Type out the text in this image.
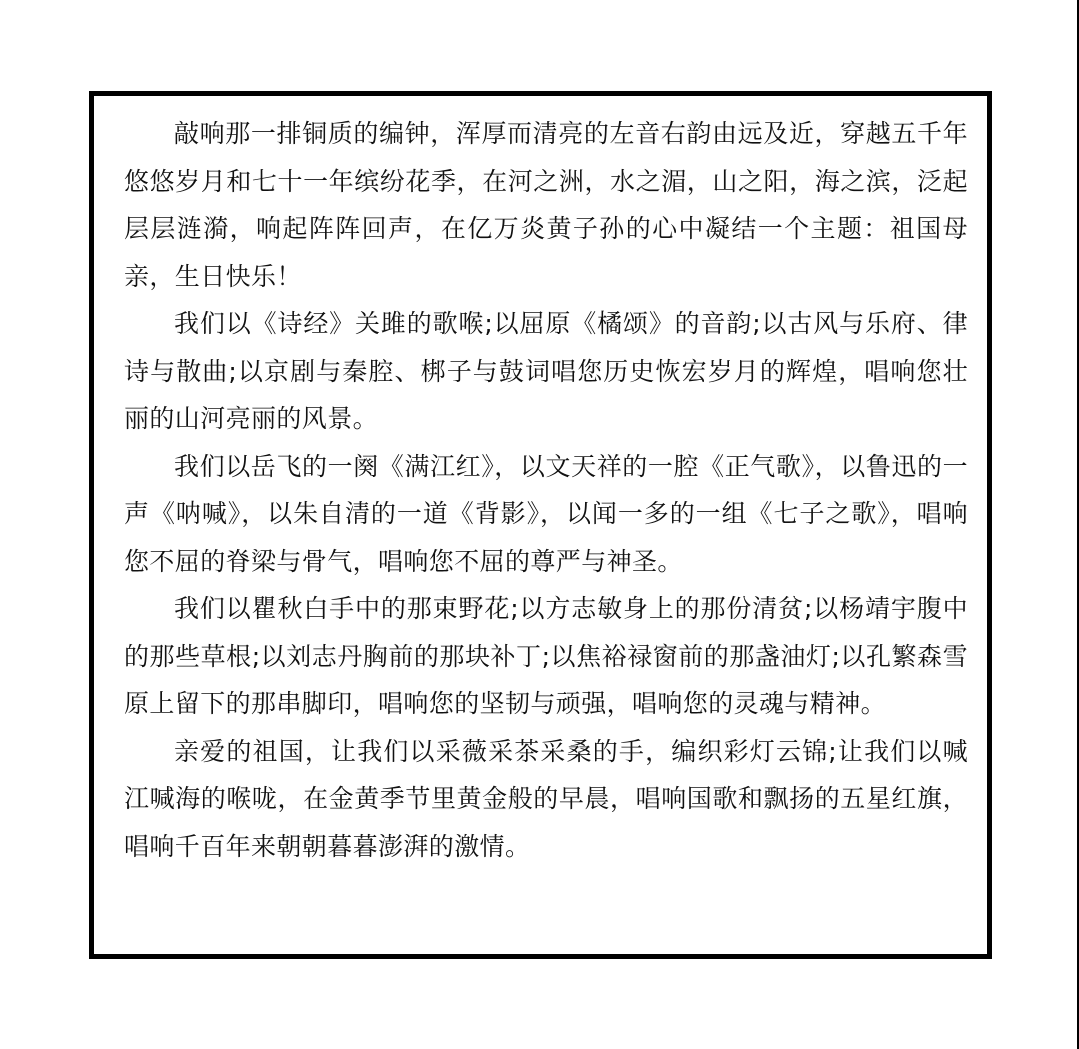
敲响那一排铜质的编钟，浑厚而清亮的左音右韵由远及近，穿越五千年悠悠岁月和七十一年缤纷花季，在河之洲，水之湄，山之阳，海之滨，泛起层层涟漪，响起阵阵回声，在亿万炎黄子孙的心中凝结一个主题：祖国母亲，生日快乐！

我们以《诗经》关雎的歌喉;以屈原《橘颂》的音韵;以古风与乐府、律诗与散曲;以京剧与秦腔、梆子与鼓词唱您历史恢宏岁月的辉煌，唱响您壮丽的山河亮丽的风景。

我们以岳飞的一阕《满江红》，以文天祥的一腔《正气歌》，以鲁迅的一声《呐喊》，以朱自清的一道《背影》，以闻一多的一组《七子之歌》，唱响您不屈的脊梁与骨气，唱响您不屈的尊严与神圣。

我们以瞿秋白手中的那束野花;以方志敏身上的那份清贫;以杨靖宇腹中的那些草根;以刘志丹胸前的那块补丁;以焦裕禄窗前的那盏油灯;以孔繁森雪原上留下的那串脚印，唱响您的坚韧与顽强，唱响您的灵魂与精神。

亲爱的祖国，让我们以采薇采茶采桑的手，编织彩灯云锦;让我们以喊江喊海的喉咙，在金黄季节里黄金般的早晨，唱响国歌和飘扬的五星红旗，唱响千百年来朝朝暮暮澎湃的激情。
